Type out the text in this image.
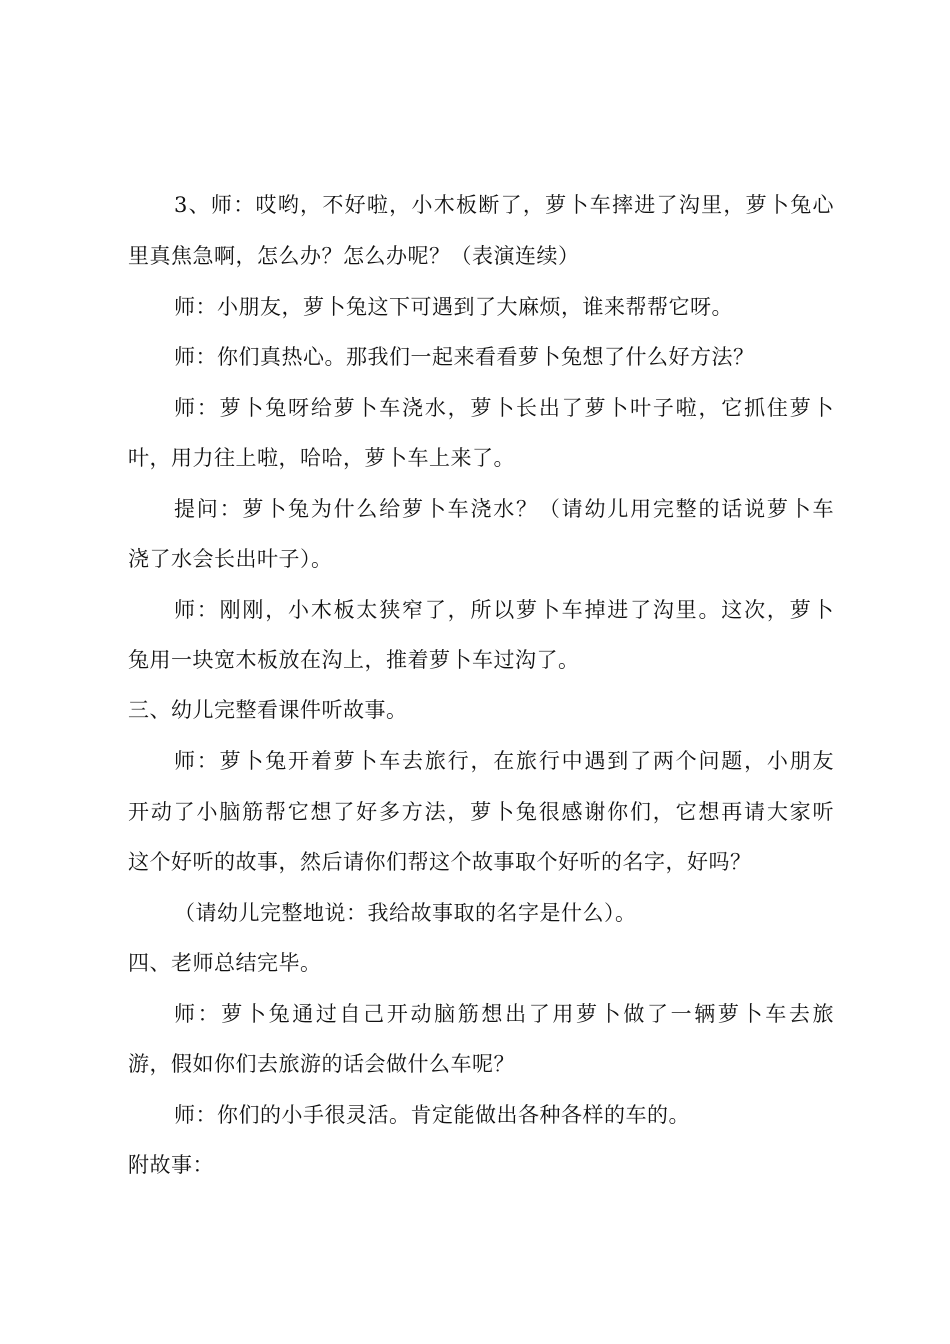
3、师：哎哟，不好啦，小木板断了，萝卜车摔进了沟里，萝卜兔心
里真焦急啊，怎么办？怎么办呢？（表演连续）
师：小朋友，萝卜兔这下可遇到了大麻烦，谁来帮帮它呀。
师：你们真热心。那我们一起来看看萝卜兔想了什么好方法？
师：萝卜兔呀给萝卜车浇水，萝卜长出了萝卜叶子啦，它抓住萝卜
叶，用力往上啦，哈哈，萝卜车上来了。
提问：萝卜兔为什么给萝卜车浇水？（请幼儿用完整的话说萝卜车
浇了水会长出叶子）。
师：刚刚，小木板太狭窄了，所以萝卜车掉进了沟里。这次，萝卜
兔用一块宽木板放在沟上，推着萝卜车过沟了。
三、幼儿完整看课件听故事。
师：萝卜兔开着萝卜车去旅行，在旅行中遇到了两个问题，小朋友
开动了小脑筋帮它想了好多方法，萝卜兔很感谢你们，它想再请大家听
这个好听的故事，然后请你们帮这个故事取个好听的名字，好吗？
（请幼儿完整地说：我给故事取的名字是什么）。
四、老师总结完毕。
师：萝卜兔通过自己开动脑筋想出了用萝卜做了一辆萝卜车去旅
游，假如你们去旅游的话会做什么车呢？
师：你们的小手很灵活。肯定能做出各种各样的车的。
附故事：
